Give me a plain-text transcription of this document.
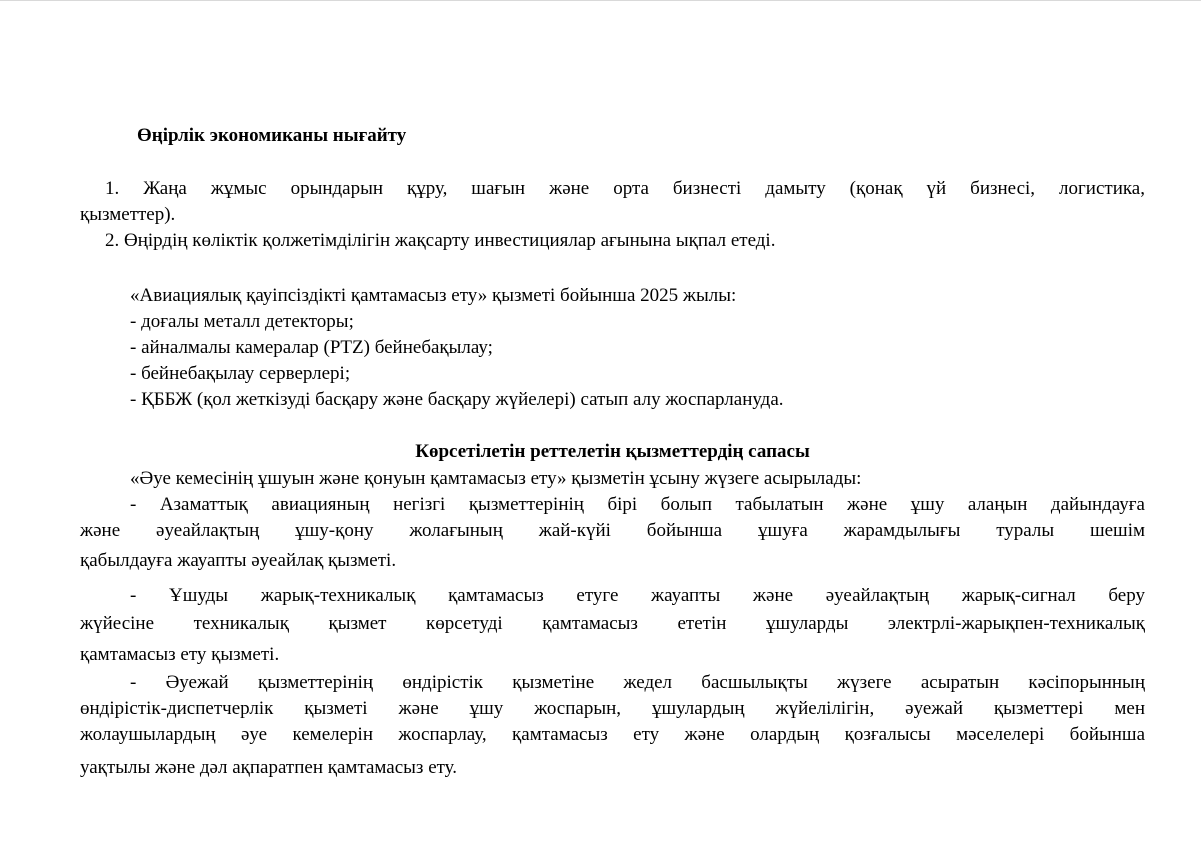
Өңірлік экономиканы нығайту
1. Жаңа жұмыс орындарын құру, шағын және орта бизнесті дамыту (қонақ үй бизнесі, логистика,
қызметтер).
2. Өңірдің көліктік қолжетімділігін жақсарту инвестициялар ағынына ықпал етеді.
«Авиациялық қауіпсіздікті қамтамасыз ету» қызметі бойынша 2025 жылы:
- доғалы металл детекторы;
- айналмалы камералар (PTZ) бейнебақылау;
- бейнебақылау серверлері;
- ҚББЖ (қол жеткізуді басқару және басқару жүйелері) сатып алу жоспарлануда.
Көрсетілетін реттелетін қызметтердің сапасы
«Әуе кемесінің ұшуын және қонуын қамтамасыз ету» қызметін ұсыну жүзеге асырылады:
- Азаматтық авиацияның негізгі қызметтерінің бірі болып табылатын және ұшу алаңын дайындауға
және әуеайлақтың ұшу-қону жолағының жай-күйі бойынша ұшуға жарамдылығы туралы шешім
қабылдауға жауапты әуеайлақ қызметі.
- Ұшуды жарық-техникалық қамтамасыз етуге жауапты және әуеайлақтың жарық-сигнал беру
жүйесіне техникалық қызмет көрсетуді қамтамасыз ететін ұшуларды электрлі-жарықпен-техникалық
қамтамасыз ету қызметі.
- Әуежай қызметтерінің өндірістік қызметіне жедел басшылықты жүзеге асыратын кәсіпорынның
өндірістік-диспетчерлік қызметі және ұшу жоспарын, ұшулардың жүйелілігін, әуежай қызметтері мен
жолаушылардың әуе кемелерін жоспарлау, қамтамасыз ету және олардың қозғалысы мәселелері бойынша
уақтылы және дәл ақпаратпен қамтамасыз ету.
